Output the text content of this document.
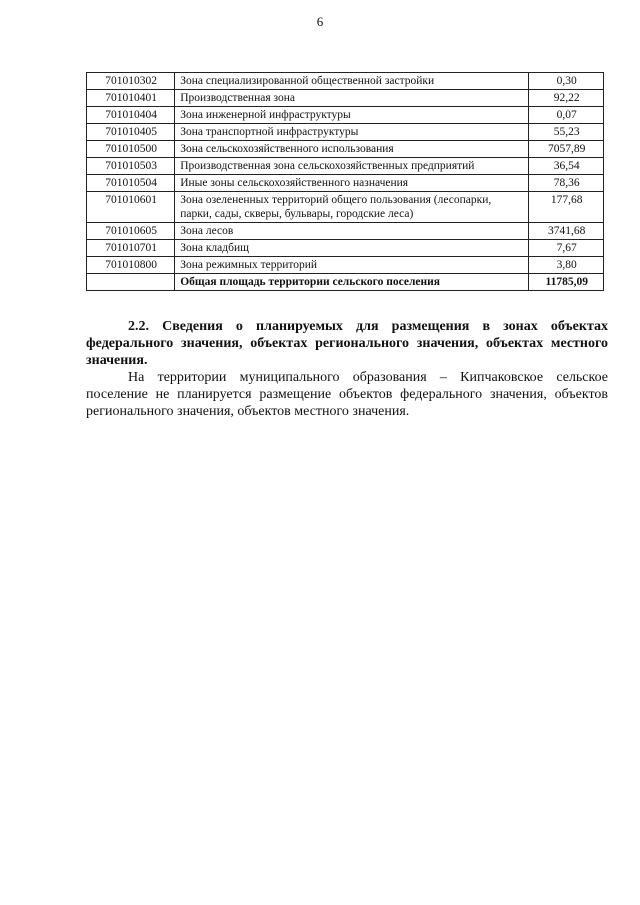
6
701010302	Зона специализированной общественной застройки	0,30
701010401	Производственная зона	92,22
701010404	Зона инженерной инфраструктуры	0,07
701010405	Зона транспортной инфраструктуры	55,23
701010500	Зона сельскохозяйственного использования	7057,89
701010503	Производственная зона сельскохозяйственных предприятий	36,54
701010504	Иные зоны сельскохозяйственного назначения	78,36
701010601	Зона озелененных территорий общего пользования (лесопарки, парки, сады, скверы, бульвары, городские леса)	177,68
701010605	Зона лесов	3741,68
701010701	Зона кладбищ	7,67
701010800	Зона режимных территорий	3,80
	Общая площадь территории сельского поселения	11785,09

2.2. Сведения о планируемых для размещения в зонах объектах федерального значения, объектах регионального значения, объектах местного значения.

На территории муниципального образования – Кипчаковское сельское поселение не планируется размещение объектов федерального значения, объектов регионального значения, объектов местного значения.
